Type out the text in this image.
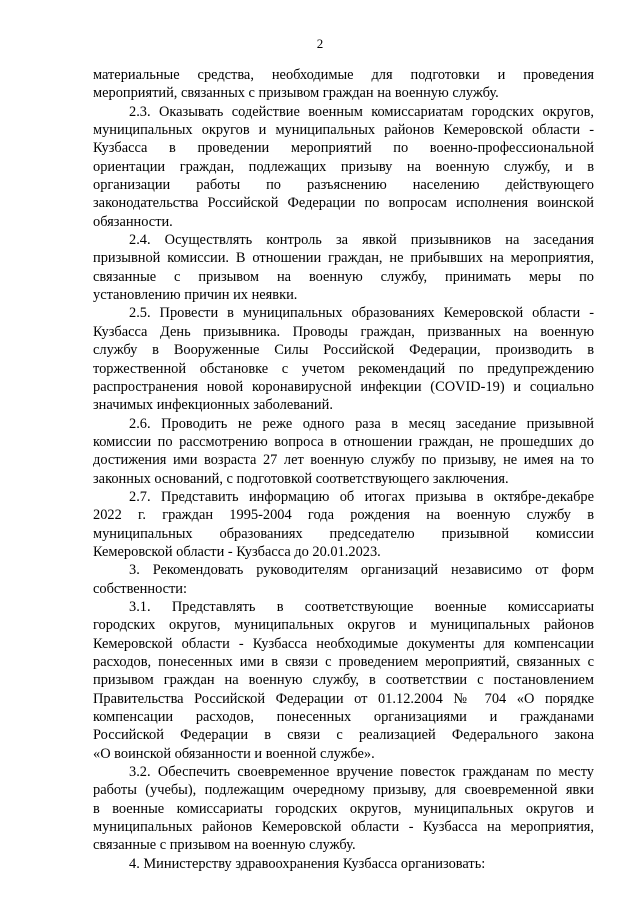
2
материальные средства, необходимые для подготовки и проведения
мероприятий, связанных с призывом граждан на военную службу.
2.3. Оказывать содействие военным комиссариатам городских округов,
муниципальных округов и муниципальных районов Кемеровской области -
Кузбасса в проведении мероприятий по военно-профессиональной
ориентации граждан, подлежащих призыву на военную службу, и в
организации работы по разъяснению населению действующего
законодательства Российской Федерации по вопросам исполнения воинской
обязанности.
2.4. Осуществлять контроль за явкой призывников на заседания
призывной комиссии. В отношении граждан, не прибывших на мероприятия,
связанные с призывом на военную службу, принимать меры по
установлению причин их неявки.
2.5. Провести в муниципальных образованиях Кемеровской области -
Кузбасса День призывника. Проводы граждан, призванных на военную
службу в Вооруженные Силы Российской Федерации, производить в
торжественной обстановке с учетом рекомендаций по предупреждению
распространения новой коронавирусной инфекции (COVID-19) и социально
значимых инфекционных заболеваний.
2.6. Проводить не реже одного раза в месяц заседание призывной
комиссии по рассмотрению вопроса в отношении граждан, не прошедших до
достижения ими возраста 27 лет военную службу по призыву, не имея на то
законных оснований, с подготовкой соответствующего заключения.
2.7. Представить информацию об итогах призыва в октябре-декабре
2022 г. граждан 1995-2004 года рождения на военную службу в
муниципальных образованиях председателю призывной комиссии
Кемеровской области - Кузбасса до 20.01.2023.
3. Рекомендовать руководителям организаций независимо от форм
собственности:
3.1. Представлять в соответствующие военные комиссариаты
городских округов, муниципальных округов и муниципальных районов
Кемеровской области - Кузбасса необходимые документы для компенсации
расходов, понесенных ими в связи с проведением мероприятий, связанных с
призывом граждан на военную службу, в соответствии с постановлением
Правительства Российской Федерации от 01.12.2004 № 704 «О порядке
компенсации расходов, понесенных организациями и гражданами
Российской Федерации в связи с реализацией Федерального закона
«О воинской обязанности и военной службе».
3.2. Обеспечить своевременное вручение повесток гражданам по месту
работы (учебы), подлежащим очередному призыву, для своевременной явки
в военные комиссариаты городских округов, муниципальных округов и
муниципальных районов Кемеровской области - Кузбасса на мероприятия,
связанные с призывом на военную службу.
4. Министерству здравоохранения Кузбасса организовать:
